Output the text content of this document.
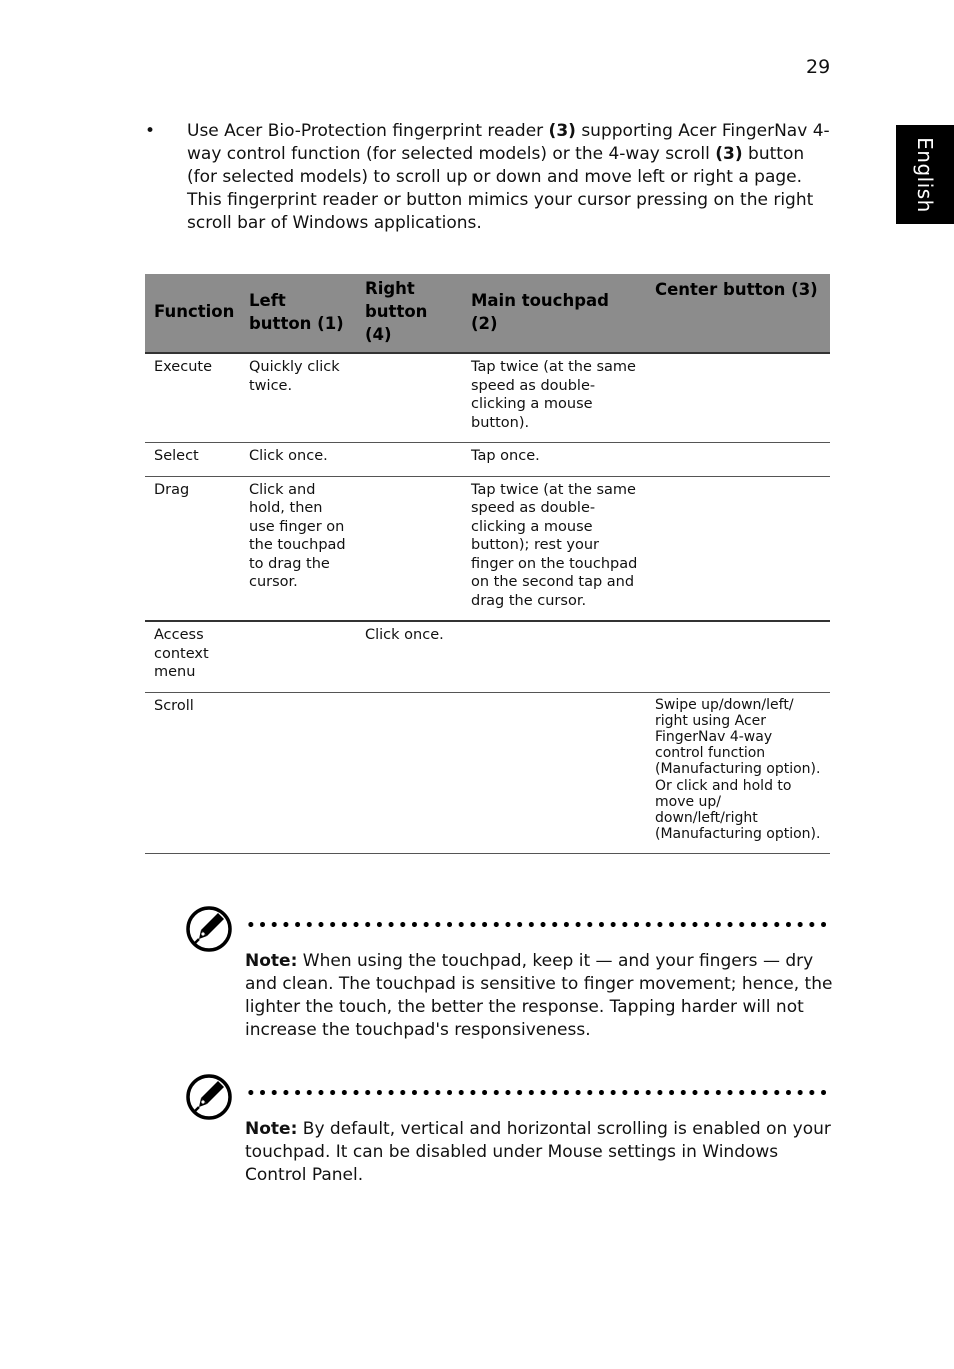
29
English
• Use Acer Bio-Protection fingerprint reader (3) supporting Acer FingerNav 4-way control function (for selected models) or the 4-way scroll (3) button (for selected models) to scroll up or down and move left or right a page. This fingerprint reader or button mimics your cursor pressing on the right scroll bar of Windows applications.
Function	Left button (1)	Right button (4)	Main touchpad (2)	Center button (3)
Execute	Quickly click twice.		Tap twice (at the same speed as double-clicking a mouse button).	
Select	Click once.		Tap once.	
Drag	Click and hold, then use finger on the touchpad to drag the cursor.		Tap twice (at the same speed as double-clicking a mouse button); rest your finger on the touchpad on the second tap and drag the cursor.	
Access context menu		Click once.		
Scroll				Swipe up/down/left/ right using Acer FingerNav 4-way control function (Manufacturing option). Or click and hold to move up/ down/left/right (Manufacturing option).
Note: When using the touchpad, keep it — and your fingers — dry and clean. The touchpad is sensitive to finger movement; hence, the lighter the touch, the better the response. Tapping harder will not increase the touchpad's responsiveness.
Note: By default, vertical and horizontal scrolling is enabled on your touchpad. It can be disabled under Mouse settings in Windows Control Panel.
